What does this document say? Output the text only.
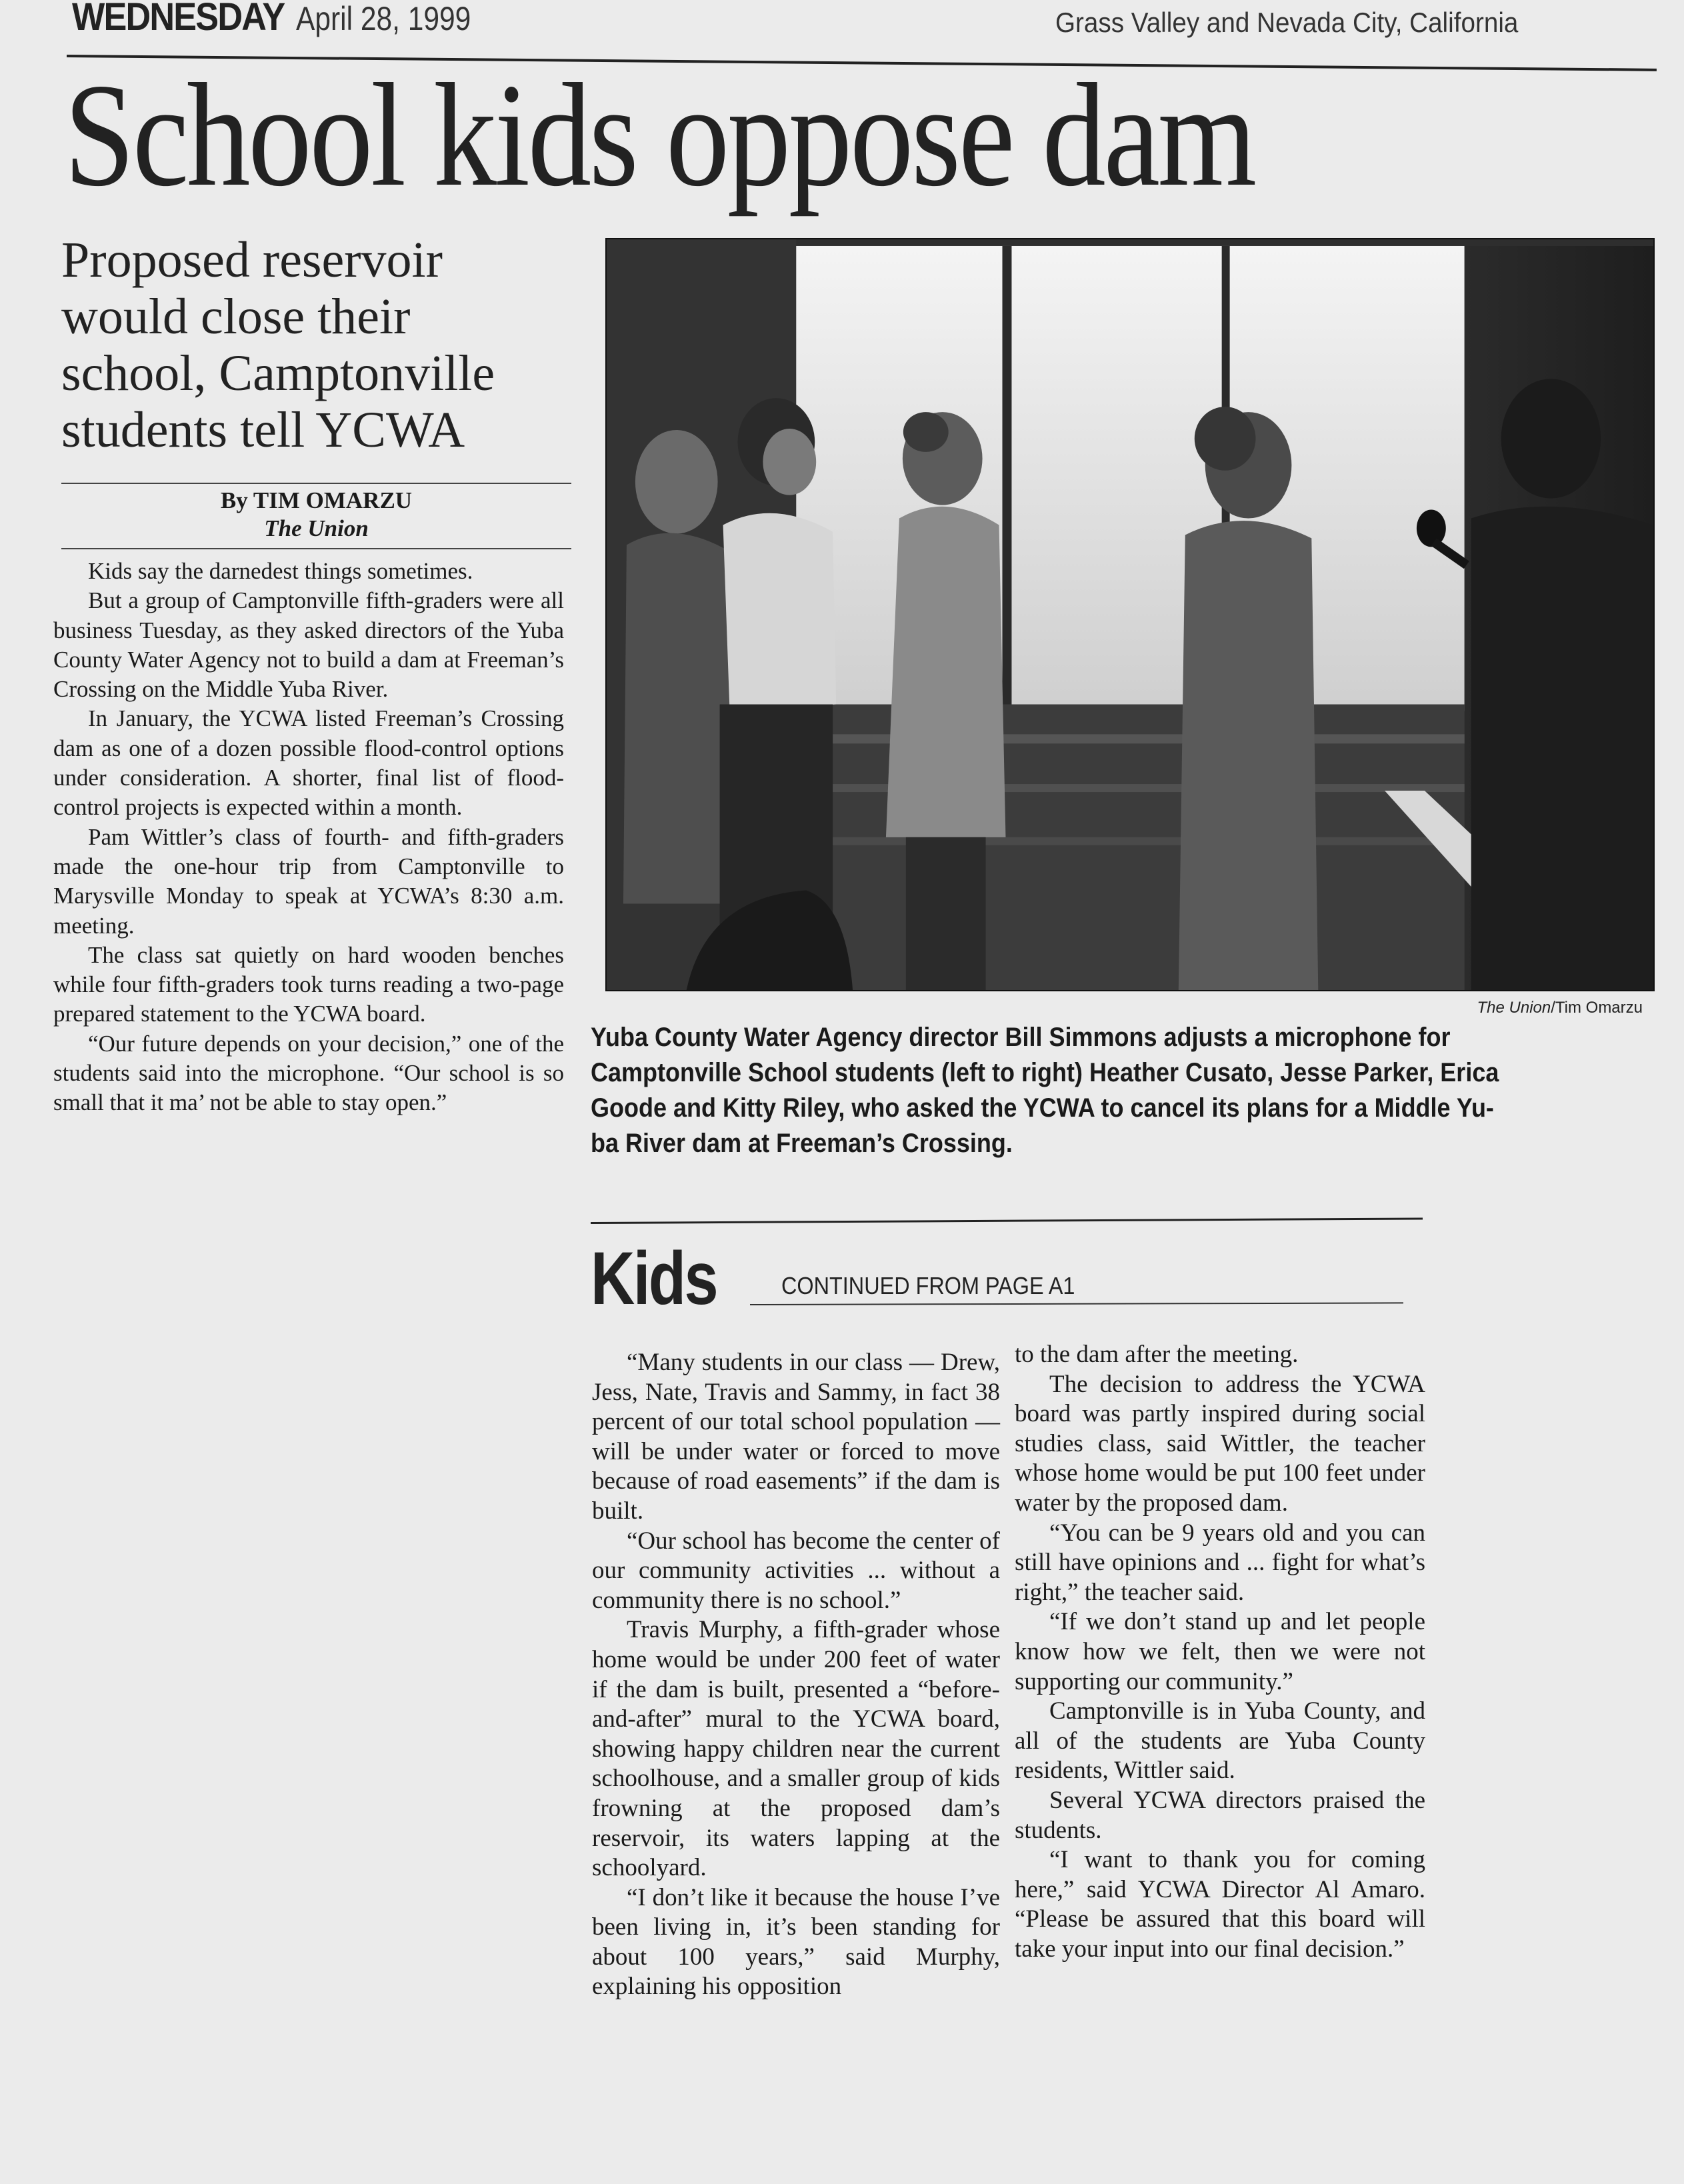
WEDNESDAY April 28, 1999	Grass Valley and Nevada City, California
School kids oppose dam
Proposed reservoir
would close their
school, Camptonville
students tell YCWA
By TIM OMARZU
The Union

Kids say the darnedest things sometimes.

But a group of Camptonville fifth-graders were all business Tuesday, as they asked directors of the Yuba County Water Agency not to build a dam at Freeman’s Crossing on the Middle Yuba River.

In January, the YCWA listed Freeman’s Crossing dam as one of a dozen possible flood-control options under consideration. A shorter, final list of flood-control projects is expected within a month.

Pam Wittler’s class of fourth- and fifth-graders made the one-hour trip from Camptonville to Marysville Monday to speak at YCWA’s 8:30 a.m. meeting.

The class sat quietly on hard wooden benches while four fifth-graders took turns reading a two-page prepared statement to the YCWA board.

“Our future depends on your decision,” one of the students said into the microphone. “Our school is so small that it ma’ not be able to stay open.”

The Union/Tim Omarzu
Yuba County Water Agency director Bill Simmons adjusts a microphone for
Camptonville School students (left to right) Heather Cusato, Jesse Parker, Erica
Goode and Kitty Riley, who asked the YCWA to cancel its plans for a Middle Yu-
ba River dam at Freeman’s Crossing.
Kids	CONTINUED FROM PAGE A1

“Many students in our class — Drew, Jess, Nate, Travis and Sammy, in fact 38 percent of our total school population — will be under water or forced to move because of road easements” if the dam is built.

“Our school has become the center of our community activities ... without a community there is no school.”

Travis Murphy, a fifth-grader whose home would be under 200 feet of water if the dam is built, presented a “before-and-after” mural to the YCWA board, showing happy children near the current schoolhouse, and a smaller group of kids frowning at the proposed dam’s reservoir, its waters lapping at the schoolyard.

“I don’t like it because the house I’ve been living in, it’s been standing for about 100 years,” said Murphy, explaining his opposition

to the dam after the meeting.

The decision to address the YCWA board was partly inspired during social studies class, said Wittler, the teacher whose home would be put 100 feet under water by the proposed dam.

“You can be 9 years old and you can still have opinions and ... fight for what’s right,” the teacher said.

“If we don’t stand up and let people know how we felt, then we were not supporting our community.”

Camptonville is in Yuba County, and all of the students are Yuba County residents, Wittler said.

Several YCWA directors praised the students.

“I want to thank you for coming here,” said YCWA Director Al Amaro. “Please be assured that this board will take your input into our final decision.”
